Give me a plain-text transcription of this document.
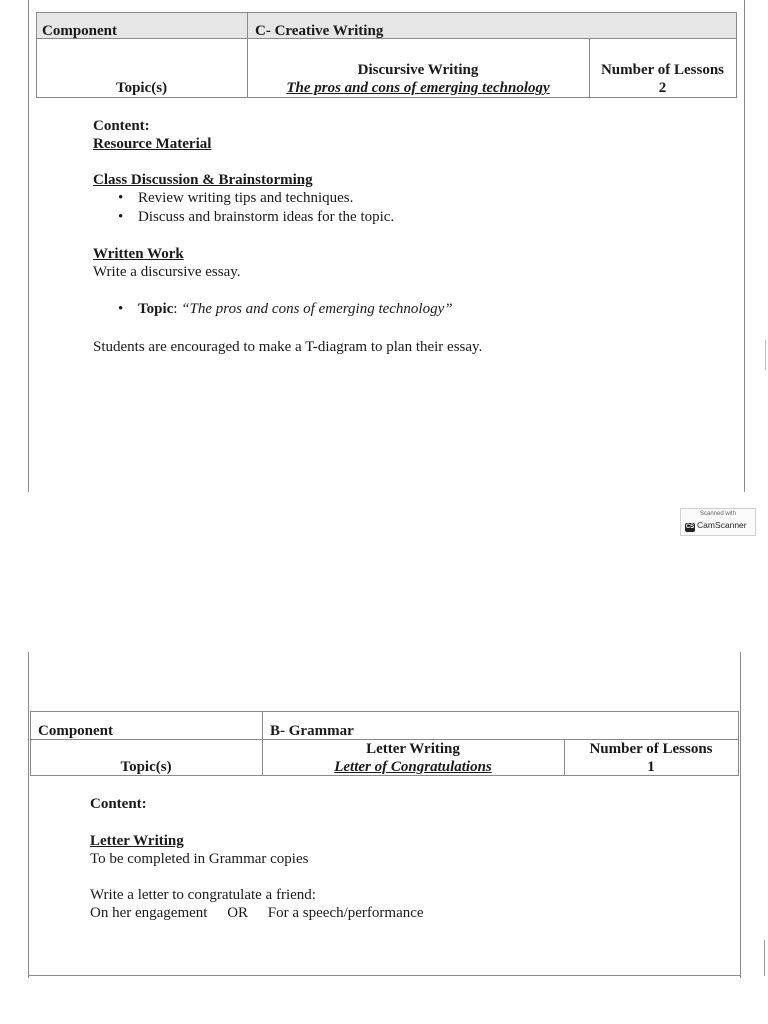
Component	C- Creative Writing
Topic(s)
Discursive Writing
The pros and cons of emerging technology
Number of Lessons
2
Content:
Resource Material
Class Discussion & Brainstorming
• Review writing tips and techniques.
• Discuss and brainstorm ideas for the topic.
Written Work
Write a discursive essay.
• Topic: “The pros and cons of emerging technology”
Students are encouraged to make a T-diagram to plan their essay.
Scanned with
CS CamScanner
Component	B- Grammar
Topic(s)
Letter Writing
Letter of Congratulations
Number of Lessons
1
Content:
Letter Writing
To be completed in Grammar copies
Write a letter to congratulate a friend:
On her engagement OR For a speech/performance
